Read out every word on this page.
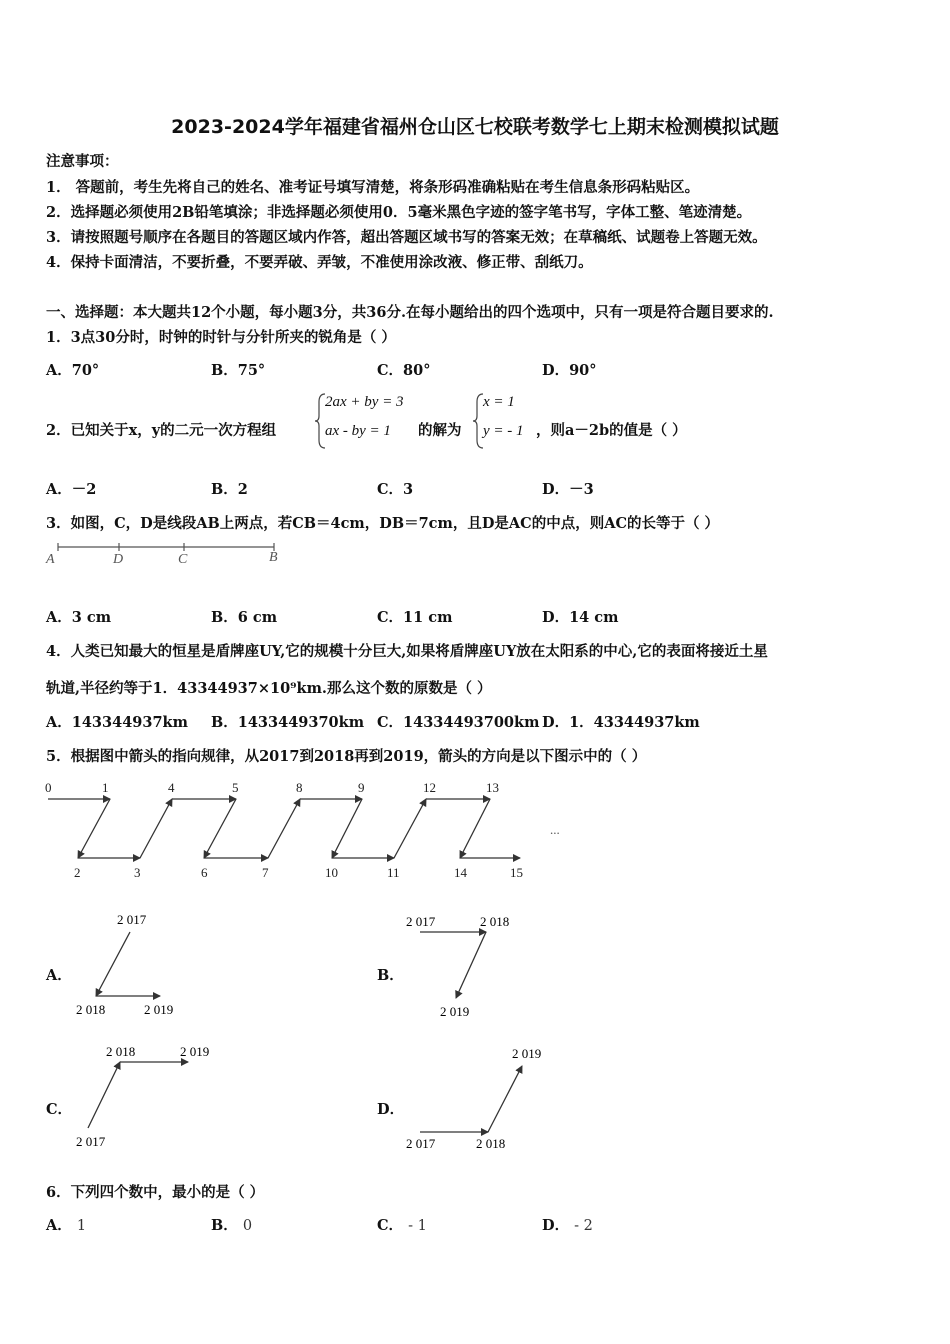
2023-2024学年福建省福州仓山区七校联考数学七上期末检测模拟试题
注意事项：
1． 答题前，考生先将自己的姓名、准考证号填写清楚，将条形码准确粘贴在考生信息条形码粘贴区。
2．选择题必须使用2B铅笔填涂；非选择题必须使用0．5毫米黑色字迹的签字笔书写，字体工整、笔迹清楚。
3．请按照题号顺序在各题目的答题区域内作答，超出答题区域书写的答案无效；在草稿纸、试题卷上答题无效。
4．保持卡面清洁，不要折叠，不要弄破、弄皱，不准使用涂改液、修正带、刮纸刀。
一、选择题：本大题共12个小题，每小题3分，共36分.在每小题给出的四个选项中，只有一项是符合题目要求的.
1．3点30分时，时钟的时针与分针所夹的锐角是（ ）
A．70°	B．75°	C．80°	D．90°
2．已知关于x，y的二元一次方程组
2ax + by = 3
ax - by = 1 的解为
x = 1
y = - 1 ，则a－2b的值是（ ）
A．－2	B．2	C．3	D．－3
3．如图，C，D是线段AB上两点，若CB＝4cm，DB＝7cm，且D是AC的中点，则AC的长等于（ ）
A	D	C	B
A．3 cm	B．6 cm	C．11 cm	D．14 cm
4．人类已知最大的恒星是盾牌座UY,它的规模十分巨大,如果将盾牌座UY放在太阳系的中心,它的表面将接近土星
轨道,半径约等于1．43344937×10⁹km.那么这个数的原数是（ ）
A．143344937km B．1433449370km C．14334493700km D．1．43344937km
5．根据图中箭头的指向规律，从2017到2018再到2019，箭头的方向是以下图示中的（ ）
0	1	4	5	8	9	12	13
2	3	6	7	10	11	14	15
...
A．
2 017
2 018	2 019
B．
2 017	2 018
2 019
C．
2 017
2 018	2 019
D．
2 017	2 018
2 019
6．下列四个数中，最小的是（ ）
A． 1	B． 0	C． - 1	D． - 2
